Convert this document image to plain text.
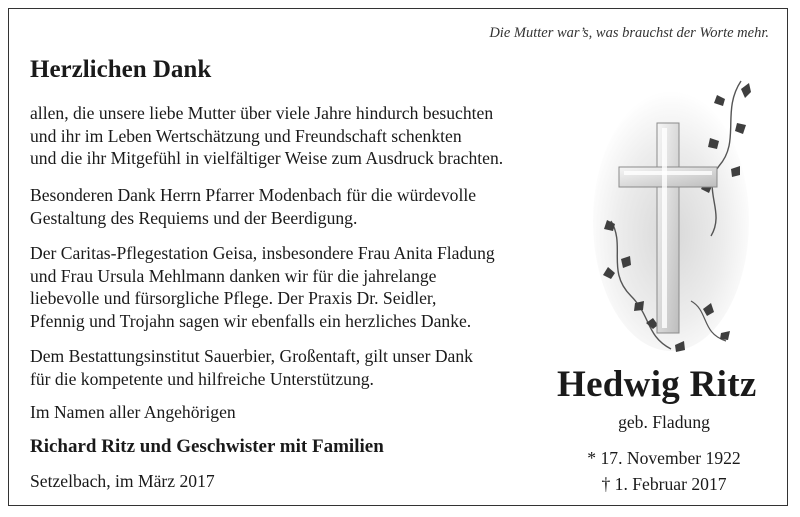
Die Mutter war’s, was brauchst der Worte mehr.
Herzlichen Dank
allen, die unsere liebe Mutter über viele Jahre hindurch besuchten
und ihr im Leben Wertschätzung und Freundschaft schenkten
und die ihr Mitgefühl in vielfältiger Weise zum Ausdruck brachten.
Besonderen Dank Herrn Pfarrer Modenbach für die würdevolle
Gestaltung des Requiems und der Beerdigung.
Der Caritas-Pflegestation Geisa, insbesondere Frau Anita Fladung
und Frau Ursula Mehlmann danken wir für die jahrelange
liebevolle und fürsorgliche Pflege. Der Praxis Dr. Seidler,
Pfennig und Trojahn sagen wir ebenfalls ein herzliches Danke.
Dem Bestattungsinstitut Sauerbier, Großentaft, gilt unser Dank
für die kompetente und hilfreiche Unterstützung.
Im Namen aller Angehörigen
Richard Ritz und Geschwister mit Familien
Setzelbach, im März 2017
Hedwig Ritz
geb. Fladung
* 17. November 1922
† 1. Februar 2017
